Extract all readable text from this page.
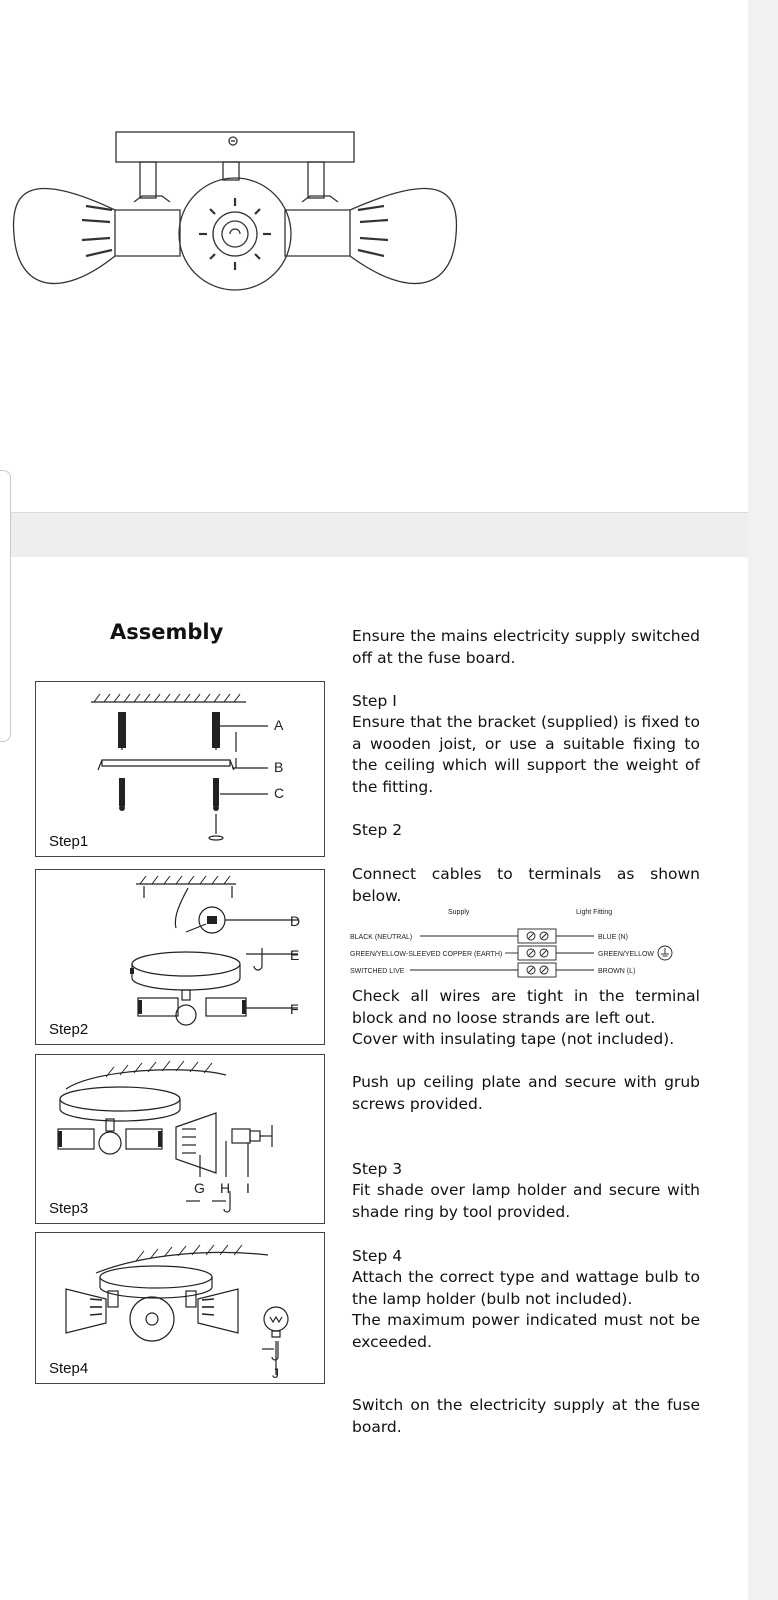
Assembly
A
B
C
Step1
D
E
F
Step2
G H I
Step3
J
Step4

Ensure the mains electricity supply switched off at the fuse board.

Step I

Ensure that the bracket (supplied) is fixed to a wooden joist, or use a suitable fixing to the ceiling which will support the weight of the fitting.

Step 2

Connect cables to terminals as shown below.

Supply	Light Fitting
BLACK (NEUTRAL)
GREEN/YELLOW-SLEEVED COPPER (EARTH)
SWITCHED LIVE
BLUE (N)
GREEN/YELLOW
BROWN (L)

Check all wires are tight in the terminal block and no loose strands are left out.

Cover with insulating tape (not included).

Push up ceiling plate and secure with grub screws provided.

Step 3

Fit shade over lamp holder and secure with shade ring by tool provided.

Step 4

Attach the correct type and wattage bulb to the lamp holder (bulb not included).

The maximum power indicated must not be exceeded.

Switch on the electricity supply at the fuse board.
